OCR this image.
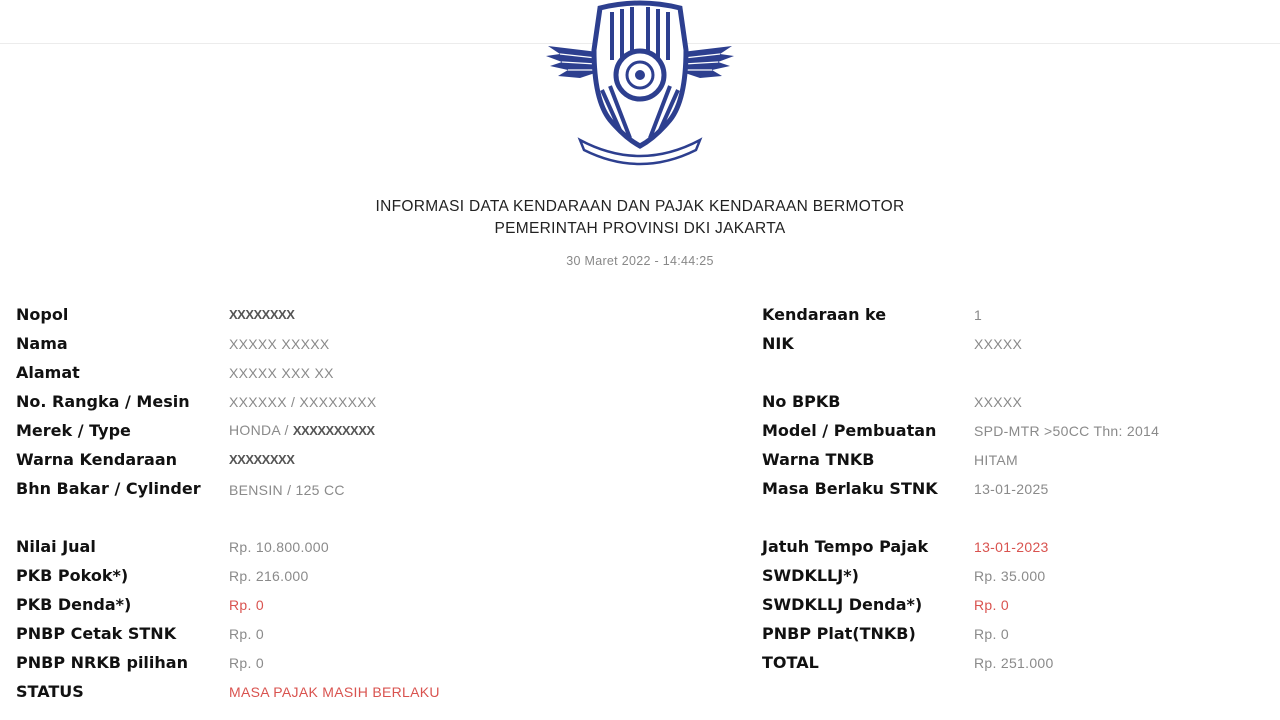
INFORMASI DATA KENDARAAN DAN PAJAK KENDARAAN BERMOTOR
PEMERINTAH PROVINSI DKI JAKARTA
30 Maret 2022 - 14:44:25
Nopol	XXXXXXXX
Nama	XXXXX XXXXX
Alamat	XXXXX XXX XX
No. Rangka / Mesin	XXXXXX / XXXXXXXX
Merek / Type	HONDA / XXXXXXXXXX
Warna Kendaraan	XXXXXXXX
Bhn Bakar / Cylinder	BENSIN / 125 CC
Nilai Jual	Rp. 10.800.000
PKB Pokok*)	Rp. 216.000
PKB Denda*)	Rp. 0
PNBP Cetak STNK	Rp. 0
PNBP NRKB pilihan	Rp. 0
STATUS	MASA PAJAK MASIH BERLAKU
Kendaraan ke	1
NIK	XXXXX
No BPKB	XXXXX
Model / Pembuatan	SPD-MTR >50CC Thn: 2014
Warna TNKB	HITAM
Masa Berlaku STNK	13-01-2025
Jatuh Tempo Pajak	13-01-2023
SWDKLLJ*)	Rp. 35.000
SWDKLLJ Denda*)	Rp. 0
PNBP Plat(TNKB)	Rp. 0
TOTAL	Rp. 251.000
